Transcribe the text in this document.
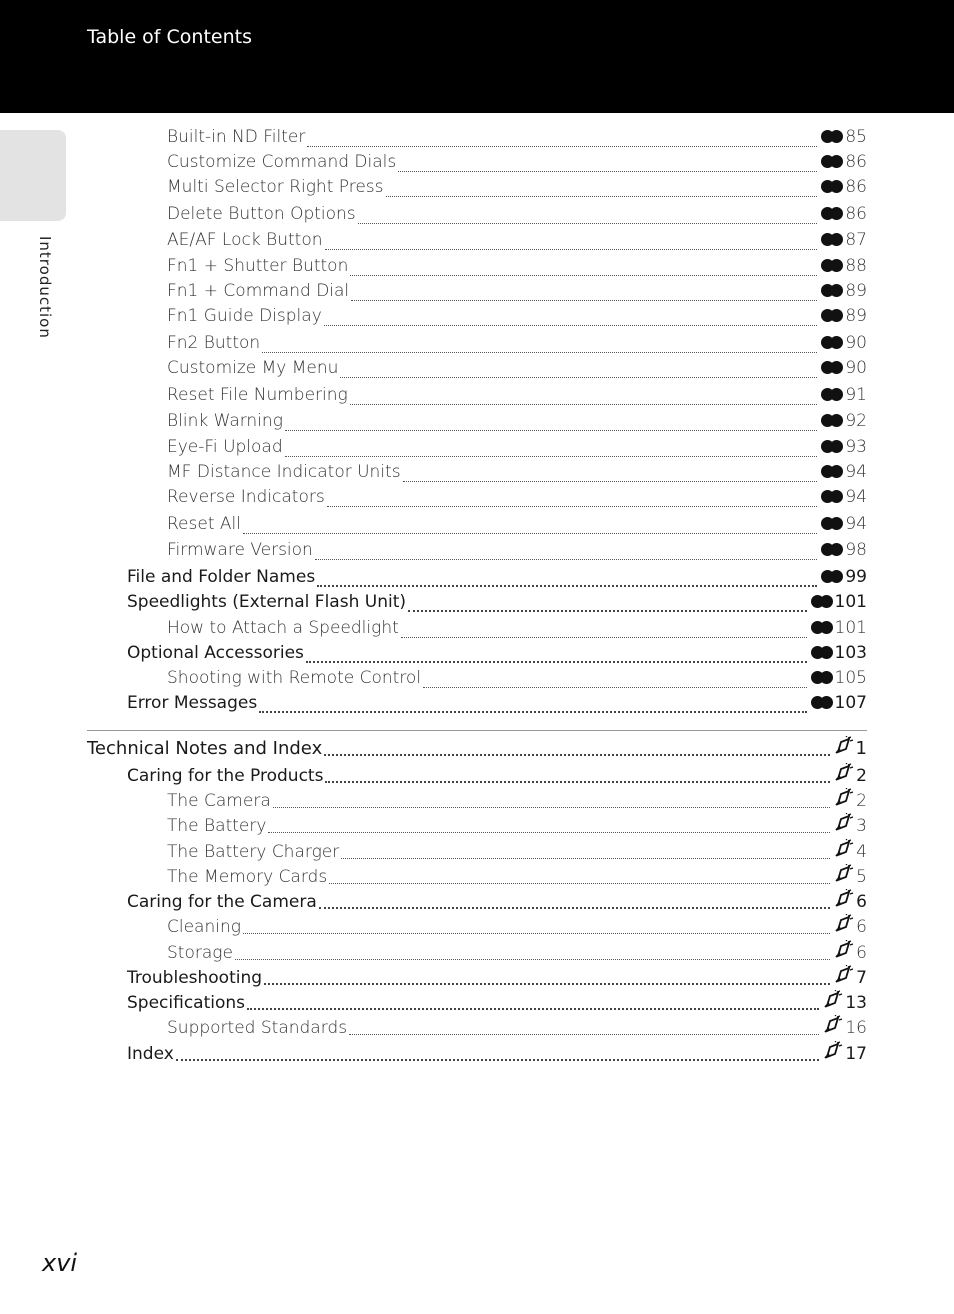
Table of Contents
Introduction
Built-in ND Filter	85
Customize Command Dials	86
Multi Selector Right Press	86
Delete Button Options	86
AE/AF Lock Button	87
Fn1 + Shutter Button	88
Fn1 + Command Dial	89
Fn1 Guide Display	89
Fn2 Button	90
Customize My Menu	90
Reset File Numbering	91
Blink Warning	92
Eye-Fi Upload	93
MF Distance Indicator Units	94
Reverse Indicators	94
Reset All	94
Firmware Version	98
File and Folder Names	99
Speedlights (External Flash Unit)	101
How to Attach a Speedlight	101
Optional Accessories	103
Shooting with Remote Control	105
Error Messages	107
Technical Notes and Index	1
Caring for the Products	2
The Camera	2
The Battery	3
The Battery Charger	4
The Memory Cards	5
Caring for the Camera	6
Cleaning	6
Storage	6
Troubleshooting	7
Specifications	13
Supported Standards	16
Index	17
xvi
